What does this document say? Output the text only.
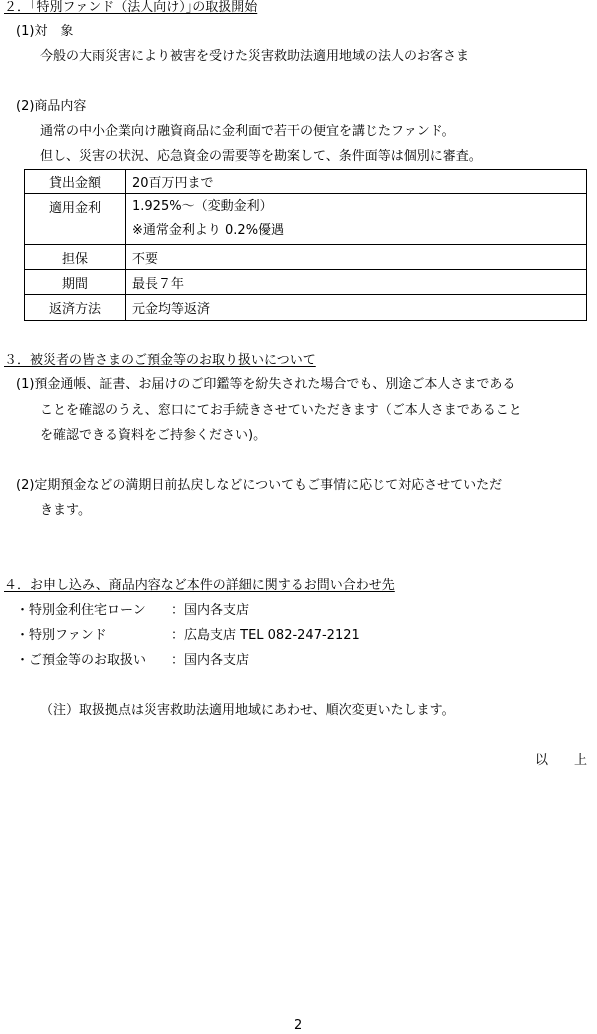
２．｢特別ファンド（法人向け）｣の取扱開始
(1)対　象
今般の大雨災害により被害を受けた災害救助法適用地域の法人のお客さま
(2)商品内容
通常の中小企業向け融資商品に金利面で若干の便宜を講じたファンド。
但し、災害の状況、応急資金の需要等を勘案して、条件面等は個別に審査。
貸出金額	20百万円まで
適用金利	1.925%～（変動金利）
※通常金利より 0.2%優遇

担保	不要
期間	最長７年
返済方法	元金均等返済
３．被災者の皆さまのご預金等のお取り扱いについて
(1)預金通帳、証書、お届けのご印鑑等を紛失された場合でも、別途ご本人さまである
ことを確認のうえ、窓口にてお手続きさせていただきます（ご本人さまであること
を確認できる資料をご持参ください)。
(2)定期預金などの満期日前払戻しなどについてもご事情に応じて対応させていただ
きます。
４．お申し込み、商品内容など本件の詳細に関するお問い合わせ先
・特別金利住宅ローン ：国内各支店
・特別ファンド	：広島支店 TEL 082-247-2121
・ご預金等のお取扱い ：国内各支店
（注）取扱拠点は災害救助法適用地域にあわせ、順次変更いたします。
以　　上
2
